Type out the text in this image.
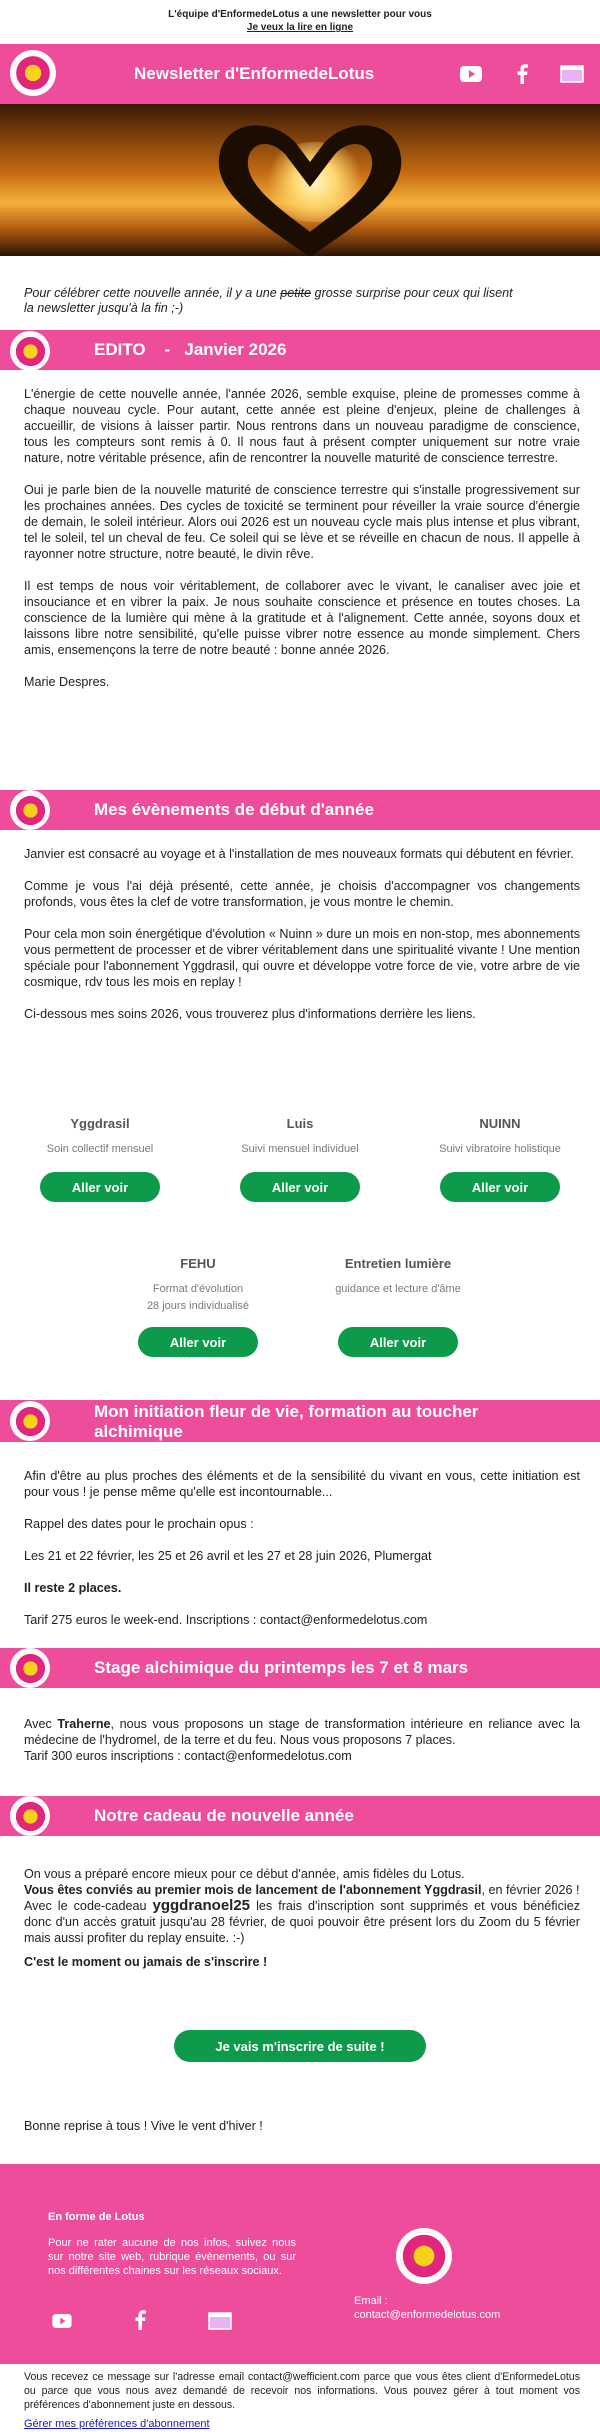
L'équipe d'EnformedeLotus a une newsletter pour vous
Je veux la lire en ligne
Newsletter d'EnformedeLotus
Pour célébrer cette nouvelle année, il y a une petite grosse surprise pour ceux qui lisent
la newsletter jusqu'à la fin ;-)
EDITO    -   Janvier 2026

L'énergie de cette nouvelle année, l'année 2026, semble exquise, pleine de promesses comme à chaque nouveau cycle. Pour autant, cette année est pleine d'enjeux, pleine de challenges à accueillir, de visions à laisser partir. Nous rentrons dans un nouveau paradigme de conscience, tous les compteurs sont remis à 0. Il nous faut à présent compter uniquement sur notre vraie nature, notre véritable présence, afin de rencontrer la nouvelle maturité de conscience terrestre.

Oui je parle bien de la nouvelle maturité de conscience terrestre qui s'installe progressivement sur les prochaines années. Des cycles de toxicité se terminent pour réveiller la vraie source d'énergie de demain, le soleil intérieur. Alors oui 2026 est un nouveau cycle mais plus intense et plus vibrant, tel le soleil, tel un cheval de feu. Ce soleil qui se lève et se réveille en chacun de nous. Il appelle à rayonner notre structure, notre beauté, le divin rêve.

Il est temps de nous voir véritablement, de collaborer avec le vivant, le canaliser avec joie et insouciance et en vibrer la paix. Je nous souhaite conscience et présence en toutes choses. La conscience de la lumière qui mène à la gratitude et à l'alignement. Cette année, soyons doux et laissons libre notre sensibilité, qu'elle puisse vibrer notre essence au monde simplement. Chers amis, ensemençons la terre de notre beauté : bonne année 2026.

Marie Despres.

Mes évènements de début d'année

Janvier est consacré au voyage et à l'installation de mes nouveaux formats qui débutent en février.

Comme je vous l'ai déjà présenté, cette année, je choisis d'accompagner vos changements profonds, vous êtes la clef de votre transformation, je vous montre le chemin.

Pour cela mon soin énergétique d'évolution « Nuinn » dure un mois en non-stop, mes abonnements vous permettent de processer et de vibrer véritablement dans une spiritualité vivante ! Une mention spéciale pour l'abonnement Yggdrasil, qui ouvre et développe votre force de vie, votre arbre de vie cosmique, rdv tous les mois en replay !

Ci-dessous mes soins 2026, vous trouverez plus d'informations derrière les liens.

Yggdrasil
Soin collectif mensuel
Aller voir
Luis
Suivi mensuel individuel
Aller voir
NUINN
Suivi vibratoire holistique
Aller voir
FEHU
Format d'évolution
28 jours individualisé
Aller voir
Entretien lumière
guidance et lecture d'âme
Aller voir
Mon initiation fleur de vie, formation au toucher alchimique

Afin d'être au plus proches des éléments et de la sensibilité du vivant en vous, cette initiation est pour vous ! je pense même qu'elle est incontournable...

Rappel des dates pour le prochain opus :

Les 21 et 22 février, les 25 et 26 avril et les 27 et 28 juin 2026, Plumergat

Il reste 2 places.

Tarif 275 euros le week-end. Inscriptions : contact@enformedelotus.com

Stage alchimique du printemps les 7 et 8 mars

Avec Traherne, nous vous proposons un stage de transformation intérieure en reliance avec la médecine de l'hydromel, de la terre et du feu. Nous vous proposons 7 places.

Tarif 300 euros inscriptions : contact@enformedelotus.com

Notre cadeau de nouvelle année

On vous a préparé encore mieux pour ce début d'année, amis fidèles du Lotus.

Vous êtes conviés au premier mois de lancement de l'abonnement Yggdrasil, en février 2026 !

Avec le code-cadeau yggdranoel25 les frais d'inscription sont supprimés et vous bénéficiez donc d'un accès gratuit jusqu'au 28 février, de quoi pouvoir être présent lors du Zoom du 5 février mais aussi profiter du replay ensuite. :-)

C'est le moment ou jamais de s'inscrire !

Je vais m'inscrire de suite !
Bonne reprise à tous ! Vive le vent d'hiver !
En forme de Lotus
Pour ne rater aucune de nos infos, suivez nous sur notre site web, rubrique évènements, ou sur nos différentes chaines sur les réseaux sociaux.
Email :
contact@enformedelotus.com

Vous recevez ce message sur l'adresse email contact@wefficient.com parce que vous êtes client d'EnformedeLotus ou parce que vous nous avez demandé de recevoir nos informations. Vous pouvez gérer à tout moment vos préférences d'abonnement juste en dessous.

Gérer mes préférences d'abonnement
